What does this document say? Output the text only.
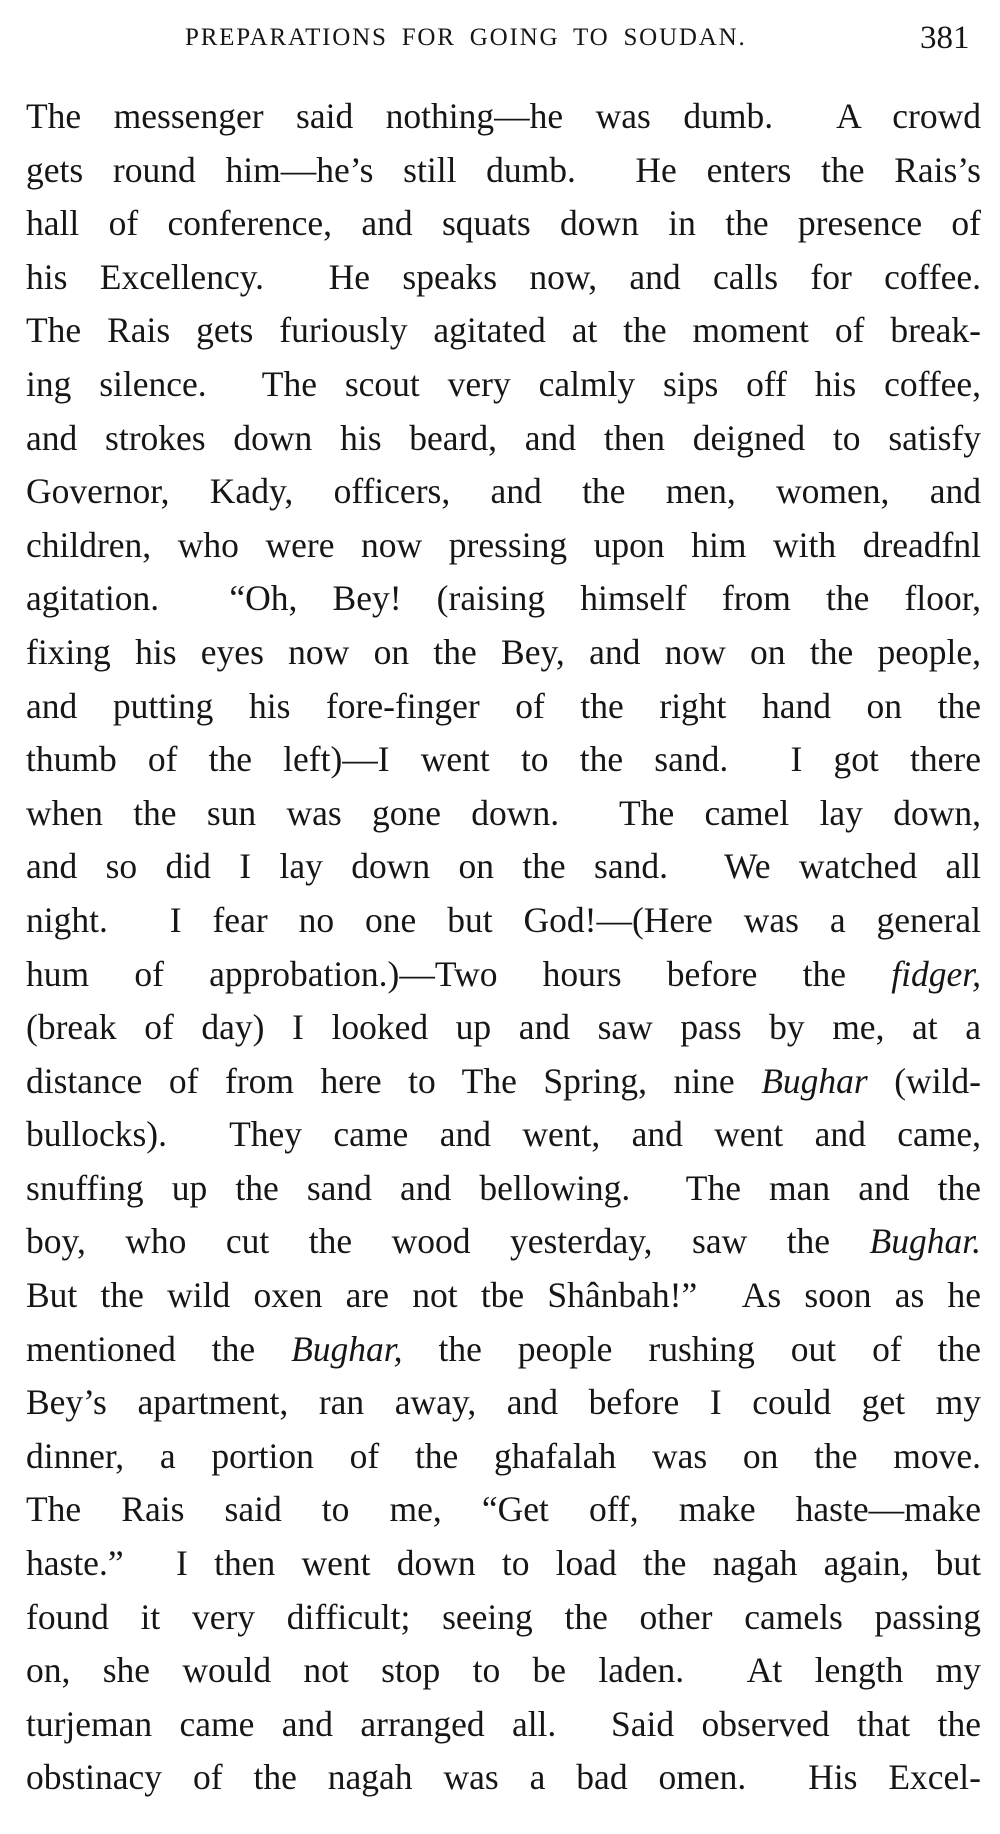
PREPARATIONS FOR GOING TO SOUDAN.	381
The messenger said nothing—he was dumb.  A crowd
gets round him—he’s still dumb.  He enters the Rais’s
hall of conference, and squats down in the presence of
his Excellency.  He speaks now, and calls for coffee.
The Rais gets furiously agitated at the moment of break-
ing silence.  The scout very calmly sips off his coffee,
and strokes down his beard, and then deigned to satisfy
Governor, Kady, officers, and the men, women, and
children, who were now pressing upon him with dreadfnl
agitation.  “Oh, Bey! (raising himself from the floor,
fixing his eyes now on the Bey, and now on the people,
and putting his fore-finger of the right hand on the
thumb of the left)—I went to the sand.  I got there
when the sun was gone down.  The camel lay down,
and so did I lay down on the sand.  We watched all
night.  I fear no one but God!—(Here was a general
hum of approbation.)—Two hours before the fidger,
(break of day) I looked up and saw pass by me, at a
distance of from here to The Spring, nine Bughar (wild-
bullocks).  They came and went, and went and came,
snuffing up the sand and bellowing.  The man and the
boy, who cut the wood yesterday, saw the Bughar.
But the wild oxen are not tbe Shânbah!”  As soon as he
mentioned the Bughar, the people rushing out of the
Bey’s apartment, ran away, and before I could get my
dinner, a portion of the ghafalah was on the move.
The Rais said to me, “Get off, make haste—make
haste.”  I then went down to load the nagah again, but
found it very difficult; seeing the other camels passing
on, she would not stop to be laden.  At length my
turjeman came and arranged all.  Said observed that the
obstinacy of the nagah was a bad omen.  His Excel-
